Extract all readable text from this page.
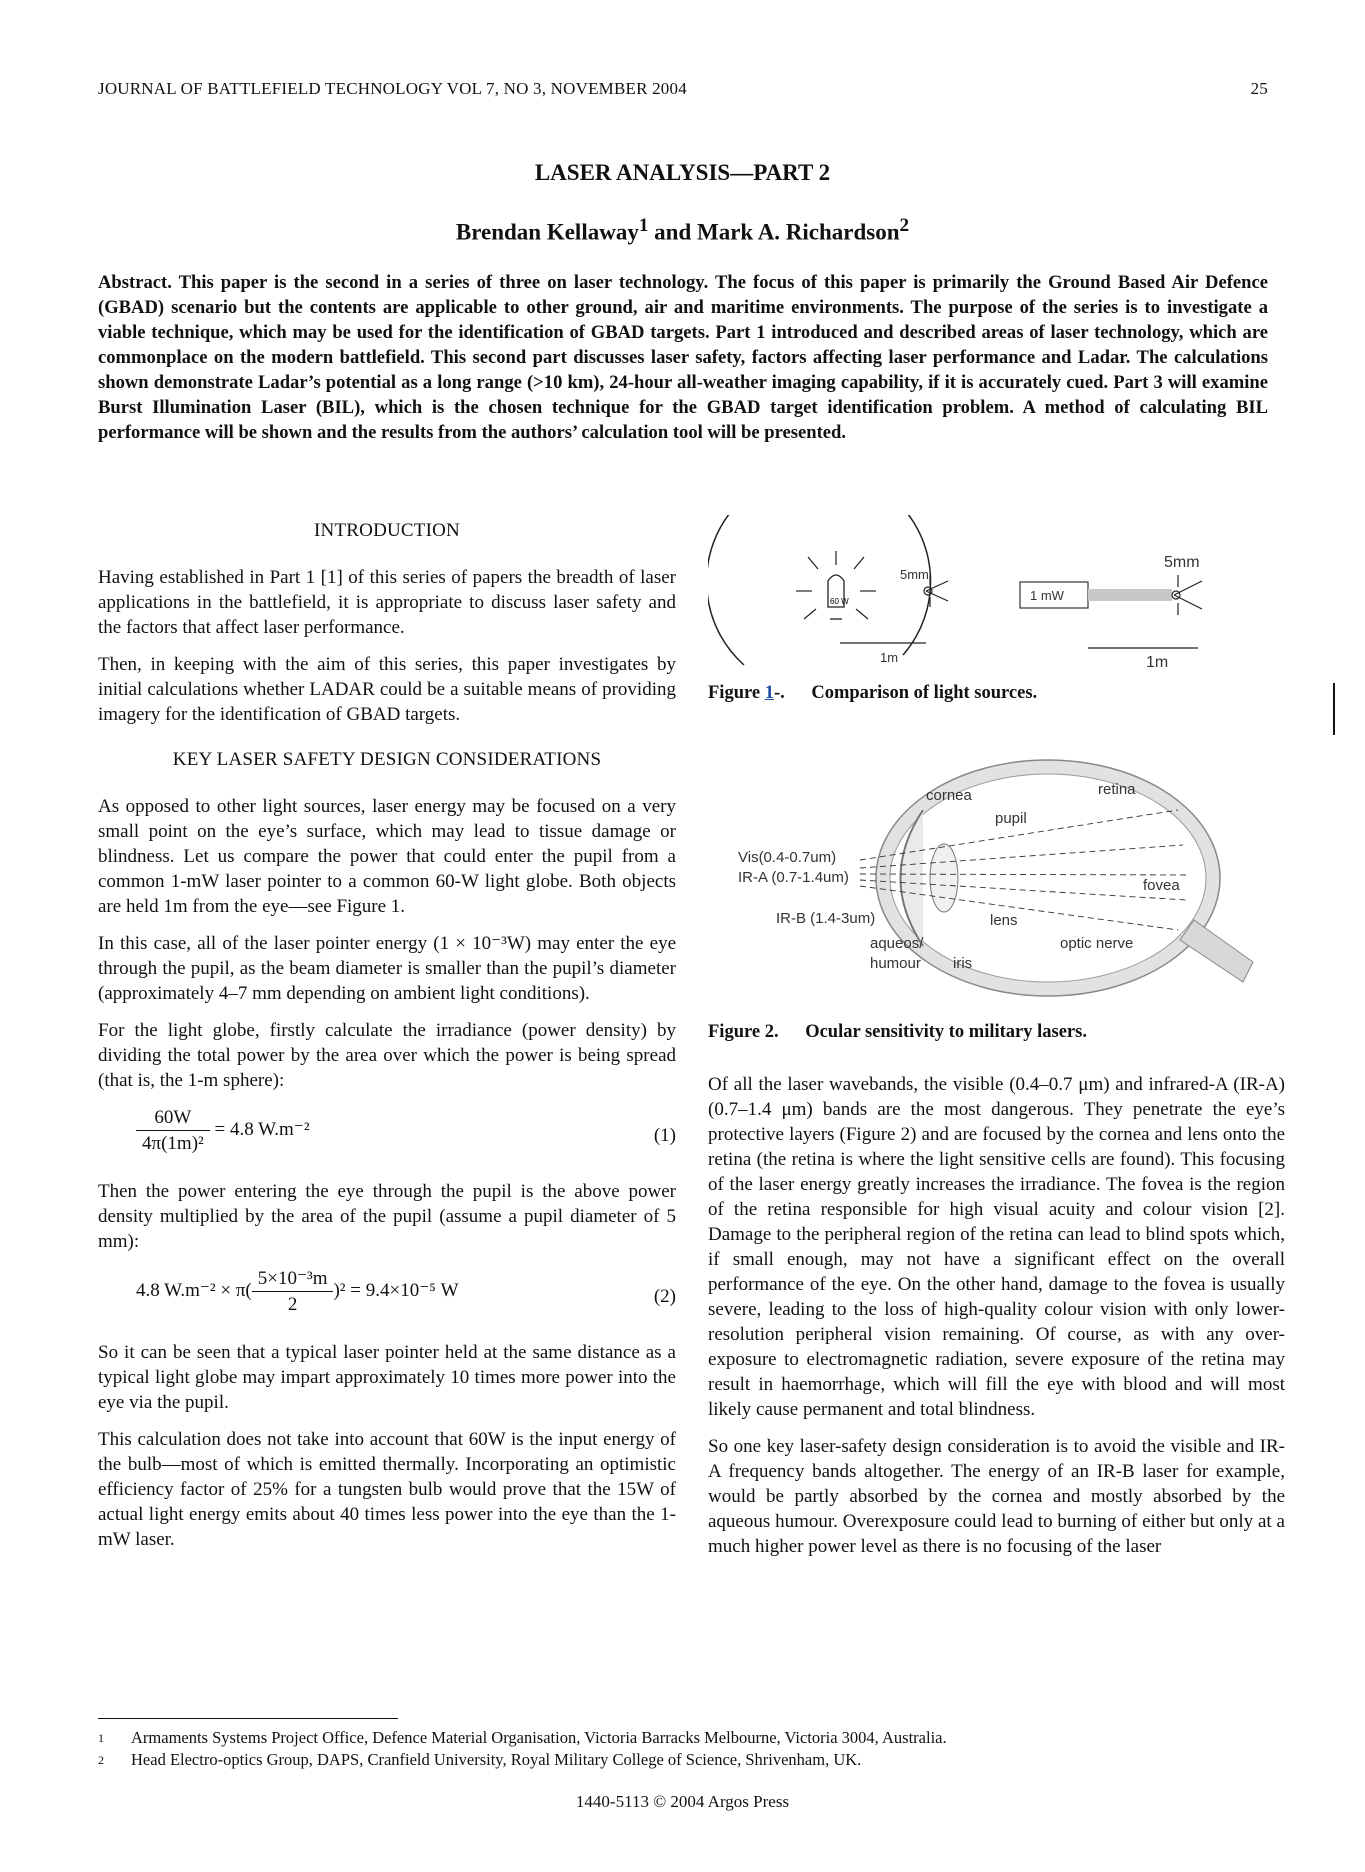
JOURNAL OF BATTLEFIELD TECHNOLOGY VOL 7, NO 3, NOVEMBER 2004	25
LASER ANALYSIS—PART 2
Brendan Kellaway$^1$ and Mark A. Richardson$^2$
Abstract. This paper is the second in a series of three on laser technology. The focus of this paper is primarily the Ground Based Air Defence (GBAD) scenario but the contents are applicable to other ground, air and maritime environments. The purpose of the series is to investigate a viable technique, which may be used for the identification of GBAD targets. Part 1 introduced and described areas of laser technology, which are commonplace on the modern battlefield. This second part discusses laser safety, factors affecting laser performance and Ladar. The calculations shown demonstrate Ladar’s potential as a long range (>10 km), 24-hour all-weather imaging capability, if it is accurately cued. Part 3 will examine Burst Illumination Laser (BIL), which is the chosen technique for the GBAD target identification problem. A method of calculating BIL performance will be shown and the results from the authors’ calculation tool will be presented.
INTRODUCTION

Having established in Part 1 [1] of this series of papers the breadth of laser applications in the battlefield, it is appropriate to discuss laser safety and the factors that affect laser performance.

Then, in keeping with the aim of this series, this paper investigates by initial calculations whether LADAR could be a suitable means of providing imagery for the identification of GBAD targets.

KEY LASER SAFETY DESIGN CONSIDERATIONS

As opposed to other light sources, laser energy may be focused on a very small point on the eye’s surface, which may lead to tissue damage or blindness. Let us compare the power that could enter the pupil from a common 1-mW laser pointer to a common 60-W light globe. Both objects are held 1m from the eye—see Figure 1.

In this case, all of the laser pointer energy (1 × 10⁻³W) may enter the eye through the pupil, as the beam diameter is smaller than the pupil’s diameter (approximately 4–7 mm depending on ambient light conditions).

For the light globe, firstly calculate the irradiance (power density) by dividing the total power by the area over which the power is being spread (that is, the 1-m sphere):

$\frac{60W}{\text{4π(1m)²}} = 4.8$ W.m⁻²	(1)

Then the power entering the eye through the pupil is the above power density multiplied by the area of the pupil (assume a pupil diameter of 5 mm):

4.8 $W.m^{-2} \times \pi( \frac{\text{5×10⁻³m}}{2} )^2 = 9.4\times 10^{-5}$ W	(2)

So it can be seen that a typical laser pointer held at the same distance as a typical light globe may impart approximately 10 times more power into the eye via the pupil.

This calculation does not take into account that 60W is the input energy of the bulb—most of which is emitted thermally. Incorporating an optimistic efficiency factor of 25% for a tungsten bulb would prove that the 15W of actual light energy emits about 40 times less power into the eye than the 1-mW laser.

60 W
5mm
1m
1 mW
5mm
1m
Figure 1-. Comparison of light sources.
cornea	retina
pupil
Vis(0.4-0.7um)
IR-A (0.7-1.4um)	fovea
IR-B (1.4-3um)	lens
aqueos/
humour iris
optic nerve
Figure 2. Ocular sensitivity to military lasers.

Of all the laser wavebands, the visible (0.4–0.7 μm) and infrared-A (IR-A) (0.7–1.4 μm) bands are the most dangerous. They penetrate the eye’s protective layers (Figure 2) and are focused by the cornea and lens onto the retina (the retina is where the light sensitive cells are found). This focusing of the laser energy greatly increases the irradiance. The fovea is the region of the retina responsible for high visual acuity and colour vision [2]. Damage to the peripheral region of the retina can lead to blind spots which, if small enough, may not have a significant effect on the overall performance of the eye. On the other hand, damage to the fovea is usually severe, leading to the loss of high-quality colour vision with only lower-resolution peripheral vision remaining. Of course, as with any over-exposure to electromagnetic radiation, severe exposure of the retina may result in haemorrhage, which will fill the eye with blood and will most likely cause permanent and total blindness.

So one key laser-safety design consideration is to avoid the visible and IR-A frequency bands altogether. The energy of an IR-B laser for example, would be partly absorbed by the cornea and mostly absorbed by the aqueous humour. Overexposure could lead to burning of either but only at a much higher power level as there is no focusing of the laser

1 Armaments Systems Project Office, Defence Material Organisation, Victoria Barracks Melbourne, Victoria 3004, Australia.
2 Head Electro-optics Group, DAPS, Cranfield University, Royal Military College of Science, Shrivenham, UK.
1440-5113 © 2004 Argos Press
